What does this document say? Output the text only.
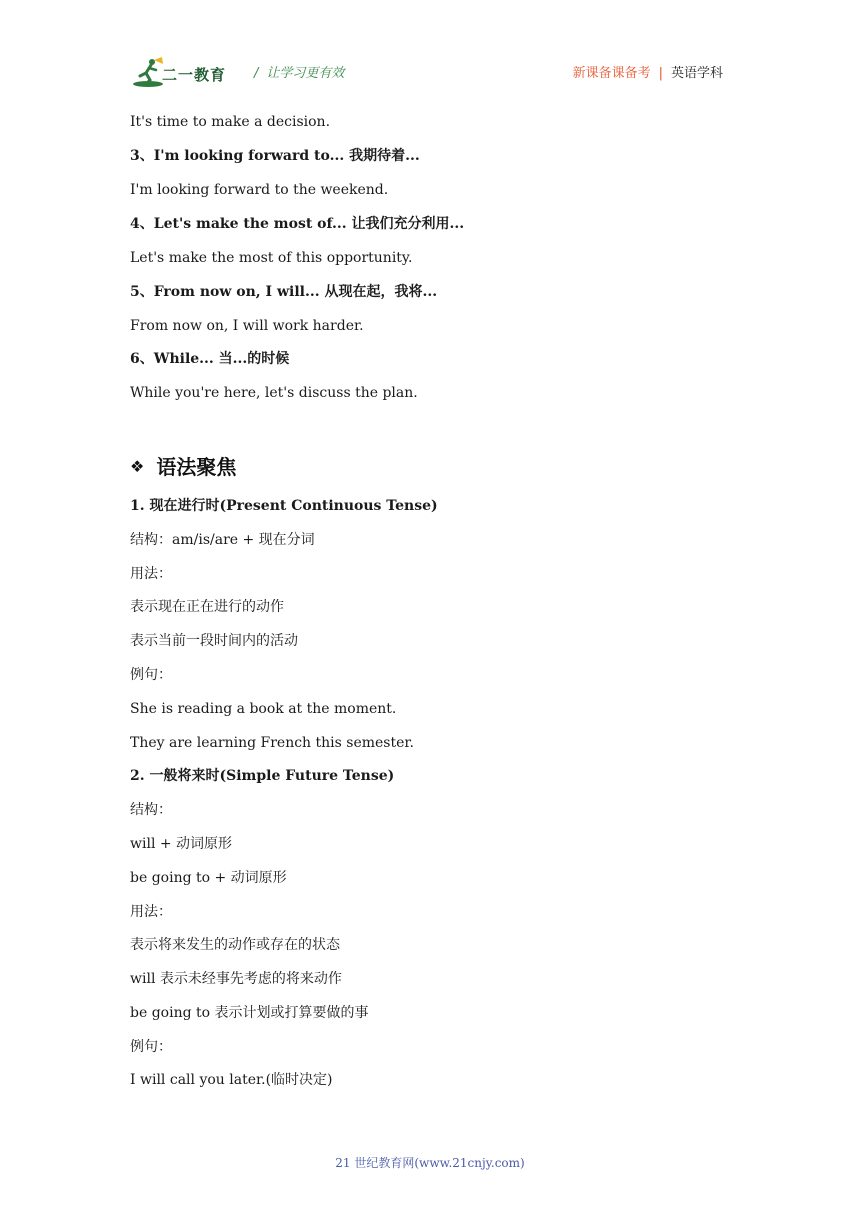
二一教育 / 让学习更有效	新课备课备考 | 英语学科
It's time to make a decision.
3、I'm looking forward to... 我期待着...
I'm looking forward to the weekend.
4、Let's make the most of... 让我们充分利用...
Let's make the most of this opportunity.
5、From now on, I will... 从现在起，我将...
From now on, I will work harder.
6、While... 当...的时候
While you're here, let's discuss the plan.
❖ 语法聚焦
1. 现在进行时(Present Continuous Tense)
结构：am/is/are + 现在分词
用法：
表示现在正在进行的动作
表示当前一段时间内的活动
例句：
She is reading a book at the moment.
They are learning French this semester.
2. 一般将来时(Simple Future Tense)
结构：
will + 动词原形
be going to + 动词原形
用法：
表示将来发生的动作或存在的状态
will 表示未经事先考虑的将来动作
be going to 表示计划或打算要做的事
例句：
I will call you later.(临时决定)
21 世纪教育网(www.21cnjy.com)
